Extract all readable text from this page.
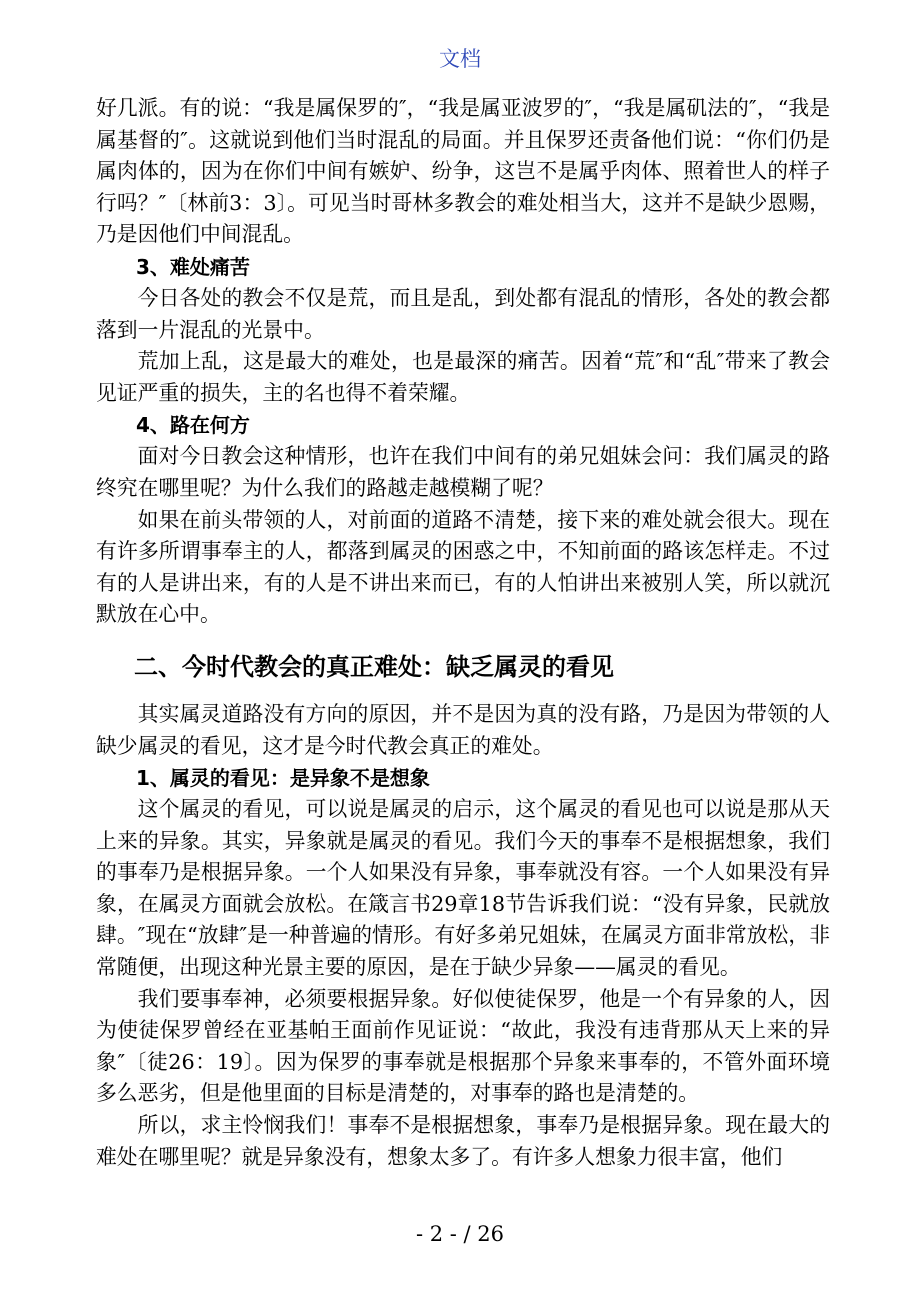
文档

好几派。有的说：“我是属保罗的″，“我是属亚波罗的″，“我是属矶法的″，“我是属基督的″。这就说到他们当时混乱的局面。并且保罗还责备他们说：“你们仍是属肉体的，因为在你们中间有嫉妒、纷争，这岂不是属乎肉体、照着世人的样子行吗？″〔林前3：3〕。可见当时哥林多教会的难处相当大，这并不是缺少恩赐，乃是因他们中间混乱。

3、难处痛苦

今日各处的教会不仅是荒，而且是乱，到处都有混乱的情形，各处的教会都落到一片混乱的光景中。

荒加上乱，这是最大的难处，也是最深的痛苦。因着“荒″和“乱″带来了教会见证严重的损失，主的名也得不着荣耀。

4、路在何方

面对今日教会这种情形，也许在我们中间有的弟兄姐妹会问：我们属灵的路终究在哪里呢？为什么我们的路越走越模糊了呢？

如果在前头带领的人，对前面的道路不清楚，接下来的难处就会很大。现在有许多所谓事奉主的人，都落到属灵的困惑之中，不知前面的路该怎样走。不过有的人是讲出来，有的人是不讲出来而已，有的人怕讲出来被别人笑，所以就沉默放在心中。

二、今时代教会的真正难处：缺乏属灵的看见

其实属灵道路没有方向的原因，并不是因为真的没有路，乃是因为带领的人缺少属灵的看见，这才是今时代教会真正的难处。

1、属灵的看见：是异象不是想象

这个属灵的看见，可以说是属灵的启示，这个属灵的看见也可以说是那从天上来的异象。其实，异象就是属灵的看见。我们今天的事奉不是根据想象，我们的事奉乃是根据异象。一个人如果没有异象，事奉就没有容。一个人如果没有异象，在属灵方面就会放松。在箴言书29章18节告诉我们说：“没有异象，民就放肆。″现在“放肆″是一种普遍的情形。有好多弟兄姐妹，在属灵方面非常放松，非常随便，出现这种光景主要的原因，是在于缺少异象——属灵的看见。

我们要事奉神，必须要根据异象。好似使徒保罗，他是一个有异象的人，因为使徒保罗曾经在亚基帕王面前作见证说：“故此，我没有违背那从天上来的异象″〔徒26：19〕。因为保罗的事奉就是根据那个异象来事奉的，不管外面环境多么恶劣，但是他里面的目标是清楚的，对事奉的路也是清楚的。

所以，求主怜悯我们！事奉不是根据想象，事奉乃是根据异象。现在最大的难处在哪里呢？就是异象没有，想象太多了。有许多人想象力很丰富，他们

- 2 - / 26
